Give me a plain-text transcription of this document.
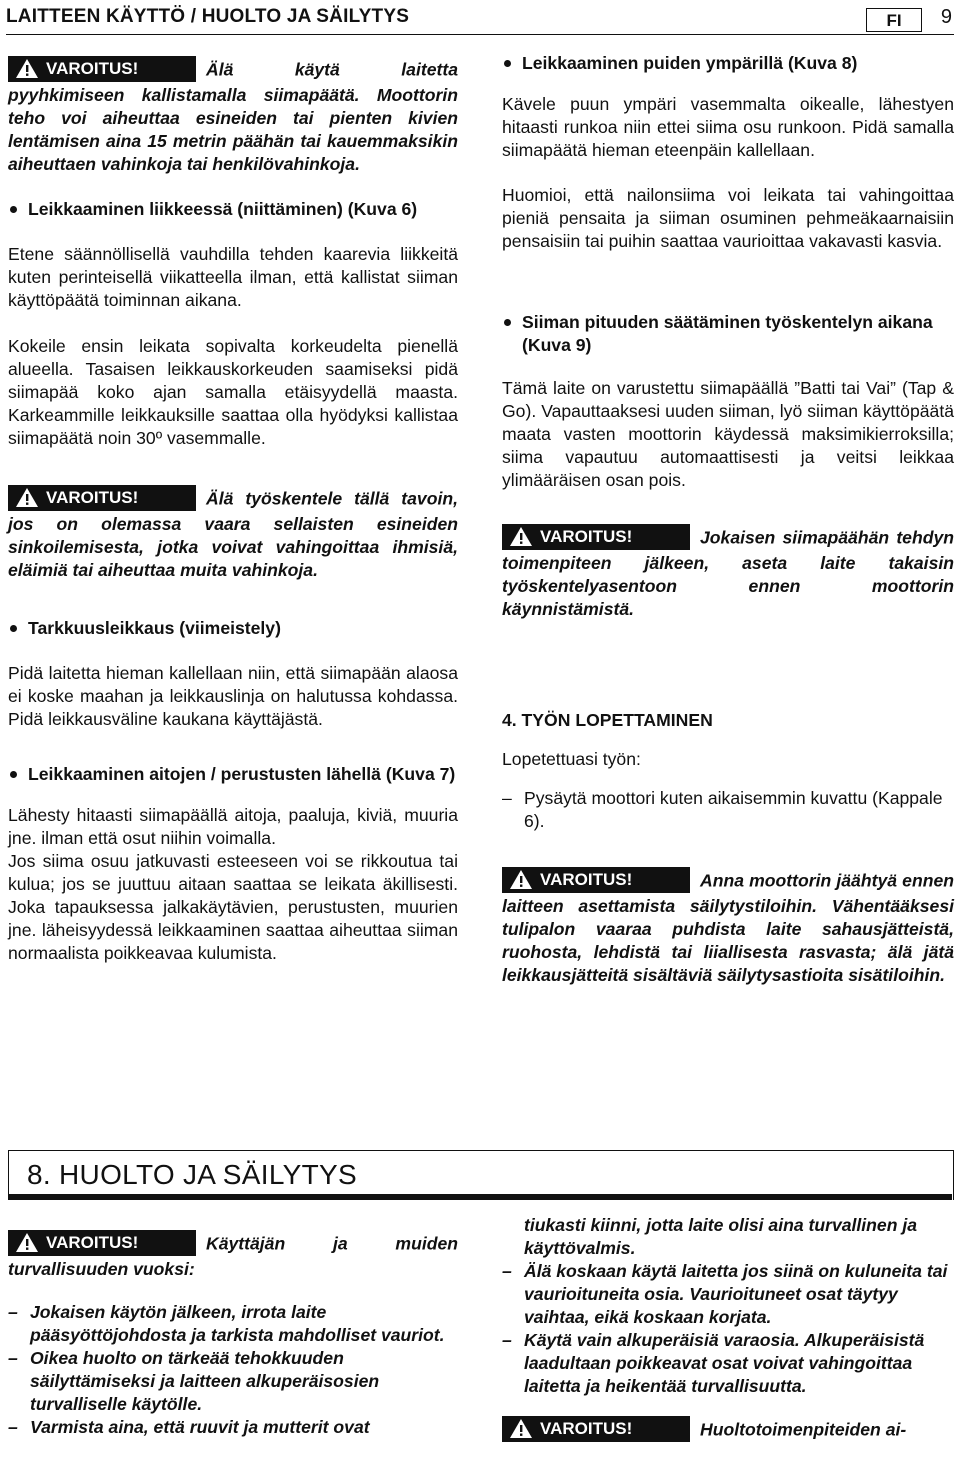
LAITTEEN KÄYTTÖ / HUOLTO JA SÄILYTYS	FI	9

VAROITUS!	Älä käytä laitetta pyyhkimiseen kallistamalla siimapäätä. Moottorin teho voi aiheuttaa esineiden tai pienten kivien lentämisen aina 15 metrin päähän tai kauemmaksikin aiheuttaen vahinkoja tai henkilövahinkoja.

Leikkaaminen liikkeessä (niittäminen) (Kuva 6)

Etene säännöllisellä vauhdilla tehden kaarevia liikkeitä kuten perinteisellä viikatteella ilman, että kallistat siiman käyttöpäätä toiminnan aikana.

Kokeile ensin leikata sopivalta korkeudelta pienellä alueella. Tasaisen leikkauskorkeuden saamiseksi pidä siimapää koko ajan samalla etäisyydellä maasta. Karkeammille leikkauksille saattaa olla hyödyksi kallistaa siimapäätä noin 30º vasemmalle.

VAROITUS!	Älä työskentele tällä tavoin, jos on olemassa vaara sellaisten esineiden sinkoilemisesta, jotka voivat vahingoittaa ihmisiä, eläimiä tai aiheuttaa muita vahinkoja.

Tarkkuusleikkaus (viimeistely)

Pidä laitetta hieman kallellaan niin, että siimapään alaosa ei koske maahan ja leikkauslinja on halutussa kohdassa. Pidä leikkausväline kaukana käyttäjästä.

Leikkaaminen aitojen / perustusten lähellä (Kuva 7)

Lähesty hitaasti siimapäällä aitoja, paaluja, kiviä, muuria jne. ilman että osut niihin voimalla.

Jos siima osuu jatkuvasti esteeseen voi se rikkoutua tai kulua; jos se juuttuu aitaan saattaa se leikata äkillisesti. Joka tapauksessa jalkakäytävien, perustusten, muurien jne. läheisyydessä leikkaaminen saattaa aiheuttaa siiman normaalista poikkeavaa kulumista.

Leikkaaminen puiden ympärillä (Kuva 8)

Kävele puun ympäri vasemmalta oikealle, lähestyen hitaasti runkoa niin ettei siima osu runkoon. Pidä samalla siimapäätä hieman eteenpäin kallellaan.

Huomioi, että nailonsiima voi leikata tai vahingoittaa pieniä pensaita ja siiman osuminen pehmeäkaarnaisiin pensaisiin tai puihin saattaa vaurioittaa vakavasti kasvia.

Siiman pituuden säätäminen työskentelyn aikana (Kuva 9)

Tämä laite on varustettu siimapäällä ”Batti tai Vai” (Tap & Go). Vapauttaaksesi uuden siiman, lyö siiman käyttöpäätä maata vasten moottorin käydessä maksimikierroksilla; siima vapautuu automaattisesti ja veitsi leikkaa ylimääräisen osan pois.

VAROITUS!	Jokaisen siimapäähän tehdyn toimenpiteen jälkeen, aseta laite takaisin työskentelyasentoon ennen moottorin käynnistämistä.

4. TYÖN LOPETTAMINEN

Lopetettuasi työn:

– Pysäytä moottori kuten aikaisemmin kuvattu (Kappale 6).

VAROITUS!	Anna moottorin jäähtyä ennen laitteen asettamista säilytystiloihin. Vähentääksesi tulipalon vaaraa puhdista laite sahausjätteistä, ruohosta, lehdistä tai liiallisesta rasvasta; älä jätä leikkausjätteitä sisältäviä säilytysastioita sisätiloihin.

8. HUOLTO JA SÄILYTYS

VAROITUS!	Käyttäjän ja muiden turvallisuuden vuoksi:

– Jokaisen käytön jälkeen, irrota laite pääsyöttöjohdosta ja tarkista mahdolliset vauriot.
– Oikea huolto on tärkeää tehokkuuden säilyttämiseksi ja laitteen alkuperäisosien turvalliselle käytölle.
– Varmista aina, että ruuvit ja mutterit ovat
tiukasti kiinni, jotta laite olisi aina turvallinen ja käyttövalmis.
– Älä koskaan käytä laitetta jos siinä on kuluneita tai vaurioituneita osia. Vaurioituneet osat täytyy vaihtaa, eikä koskaan korjata.
– Käytä vain alkuperäisiä varaosia. Alkuperäisistä laadultaan poikkeavat osat voivat vahingoittaa laitetta ja heikentää turvallisuutta.

VAROITUS!	Huoltotoimenpiteiden ai-
